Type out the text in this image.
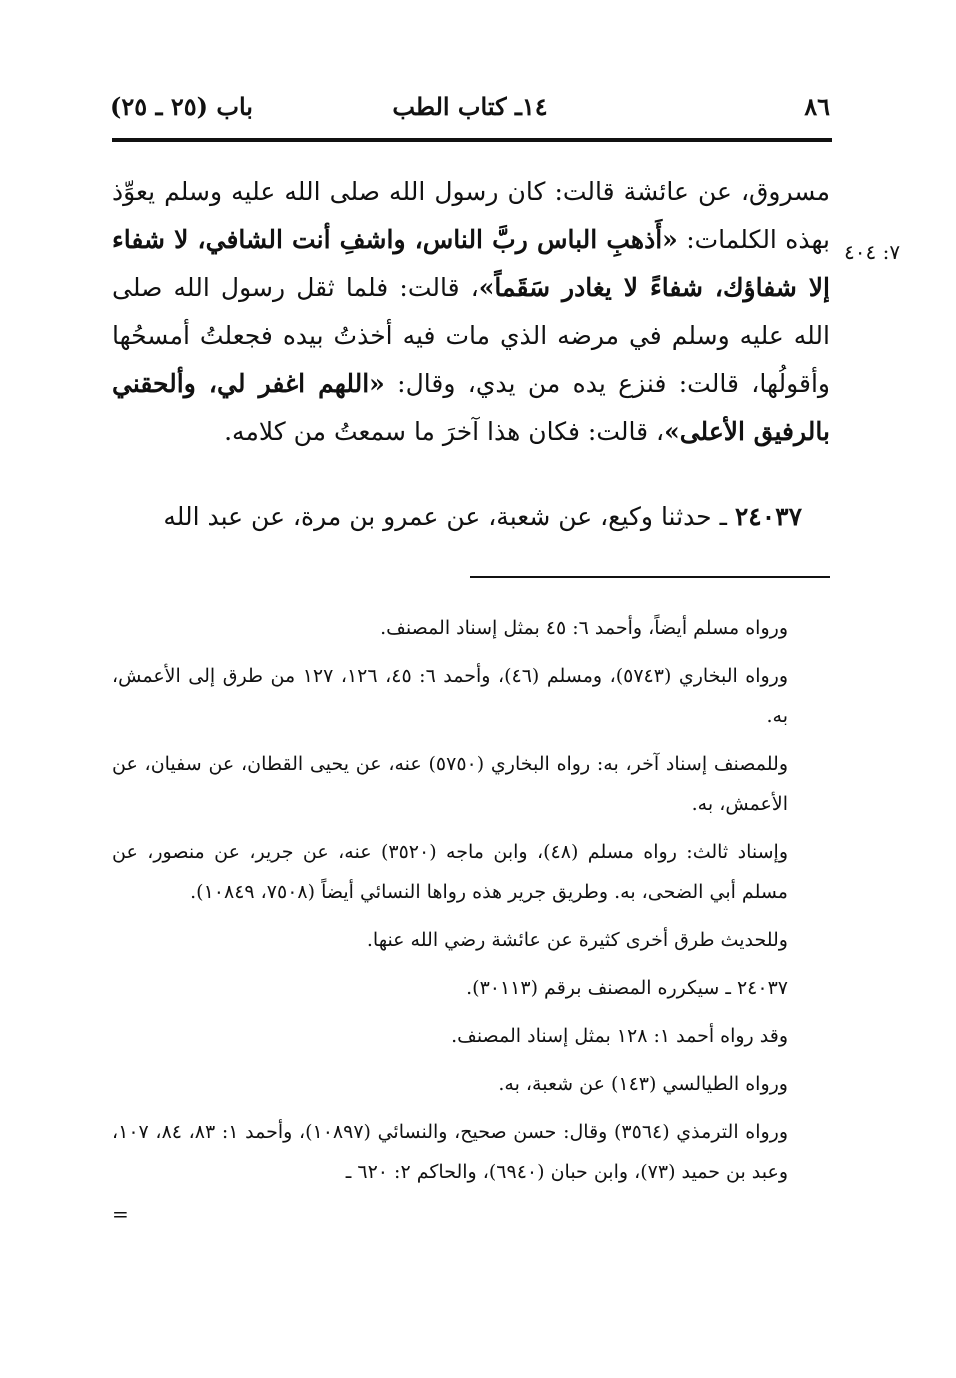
٨٦
١٤ـ كتاب الطب
باب (٢٥ ـ ٢٥)
٧: ٤٠٤
مسروق، عن عائشة قالت: كان رسول الله صلى الله عليه وسلم يعوِّذ بهذه الكلمات: «أَذهبِ الباس ربَّ الناس، واشفِ أنت الشافي، لا شفاء إلا شفاؤك، شفاءً لا يغادر سَقَماً»، قالت: فلما ثقل رسول الله صلى الله عليه وسلم في مرضه الذي مات فيه أخذتُ بيده فجعلتُ أمسحُها وأقولُها، قالت: فنزع يده من يدي، وقال: «اللهم اغفر لي، وألحقني بالرفيق الأعلى»، قالت: فكان هذا آخرَ ما سمعتُ من كلامه.
٢٤٠٣٧ ـ حدثنا وكيع، عن شعبة، عن عمرو بن مرة، عن عبد الله

ورواه مسلم أيضاً، وأحمد ٦: ٤٥ بمثل إسناد المصنف.

ورواه البخاري (٥٧٤٣)، ومسلم (٤٦)، وأحمد ٦: ٤٥، ١٢٦، ١٢٧ من طرق إلى الأعمش، به.

وللمصنف إسناد آخر، به: رواه البخاري (٥٧٥٠) عنه، عن يحيى القطان، عن سفيان، عن الأعمش، به.

وإسناد ثالث: رواه مسلم (٤٨)، وابن ماجه (٣٥٢٠) عنه، عن جرير، عن منصور، عن مسلم أبي الضحى، به. وطريق جرير هذه رواها النسائي أيضاً (٧٥٠٨، ١٠٨٤٩).

وللحديث طرق أخرى كثيرة عن عائشة رضي الله عنها.

٢٤٠٣٧ ـ سيكرره المصنف برقم (٣٠١١٣).

وقد رواه أحمد ١: ١٢٨ بمثل إسناد المصنف.

ورواه الطيالسي (١٤٣) عن شعبة، به.

ورواه الترمذي (٣٥٦٤) وقال: حسن صحيح، والنسائي (١٠٨٩٧)، وأحمد ١: ٨٣، ٨٤، ١٠٧، وعبد بن حميد (٧٣)، وابن حبان (٦٩٤٠)، والحاكم ٢: ٦٢٠ ـ

=
